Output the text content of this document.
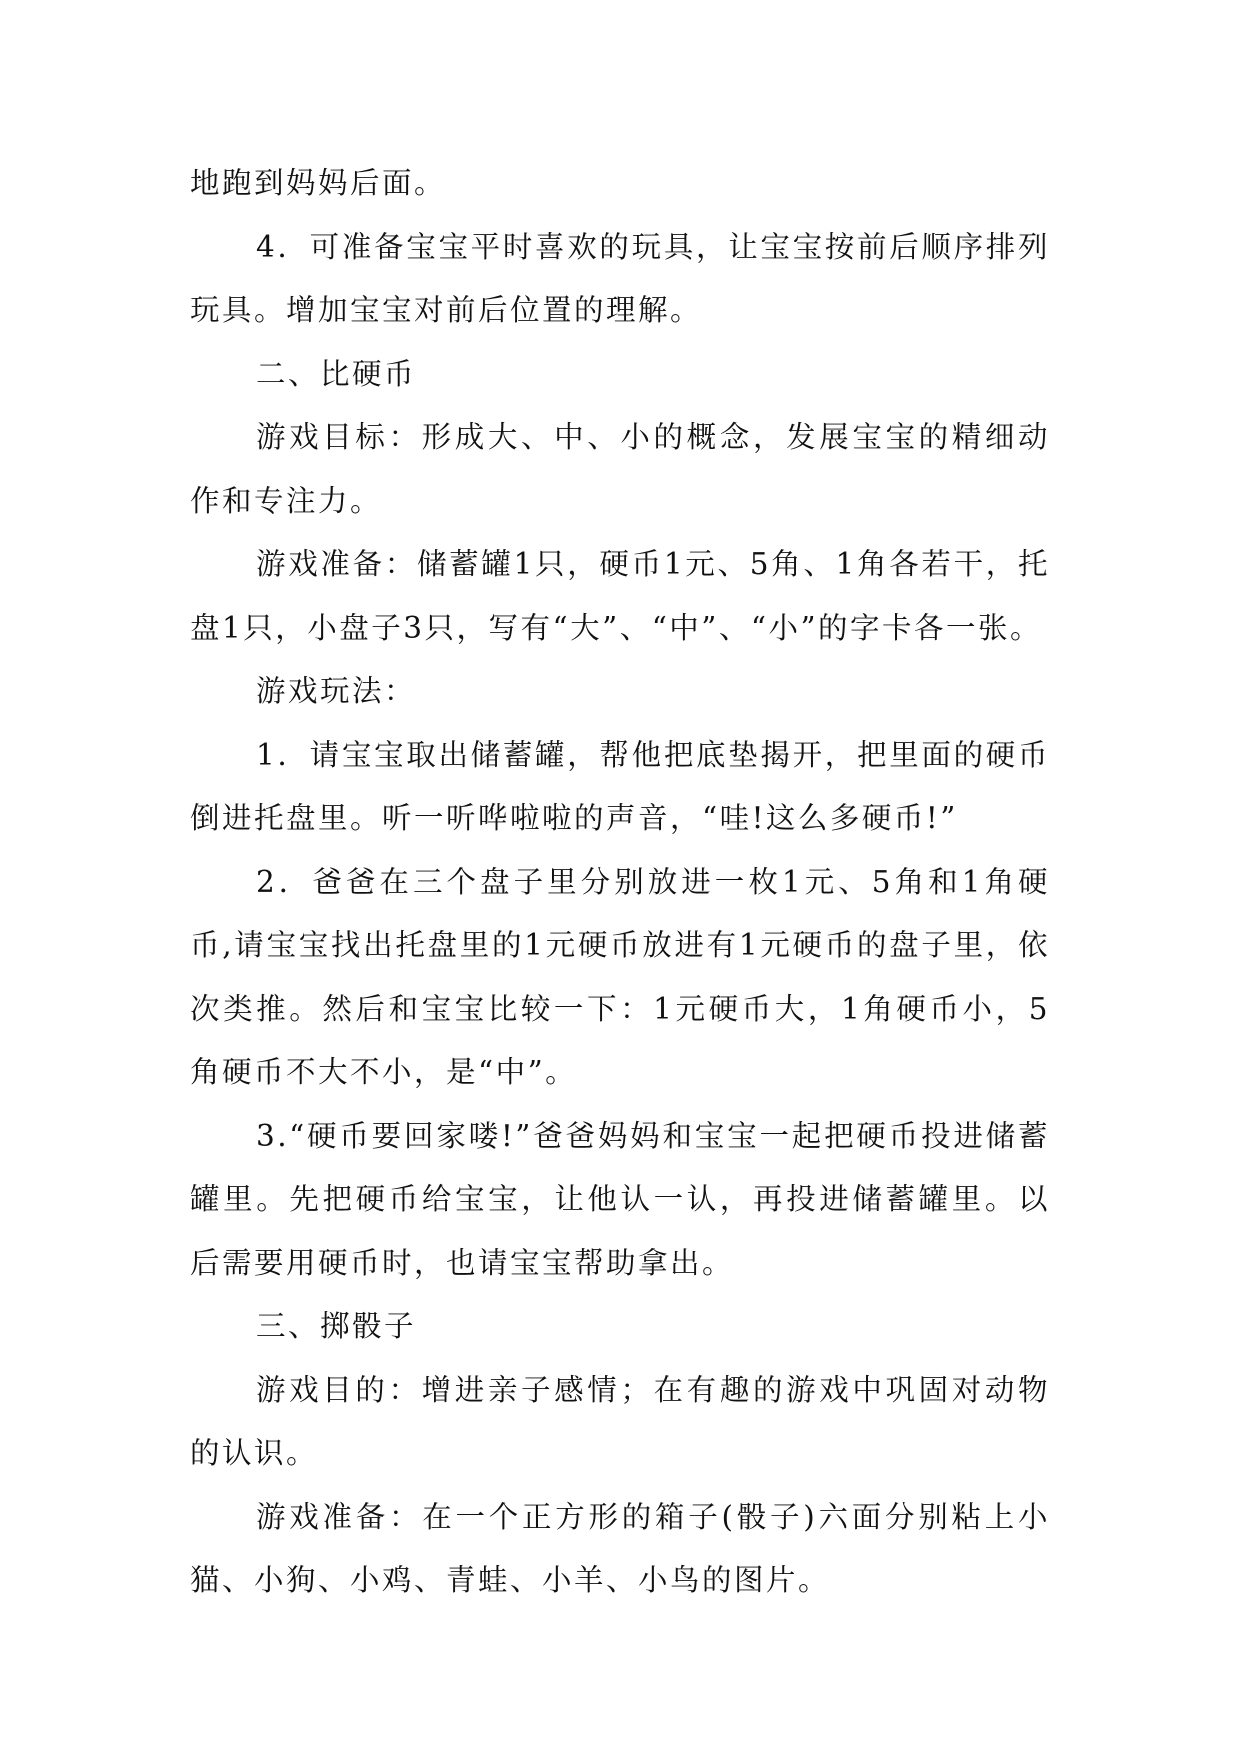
地跑到妈妈后面。

4．可准备宝宝平时喜欢的玩具，让宝宝按前后顺序排列玩具。增加宝宝对前后位置的理解。

二、比硬币

游戏目标：形成大、中、小的概念，发展宝宝的精细动作和专注力。

游戏准备：储蓄罐1只，硬币1元、5角、1角各若干，托盘1只，小盘子3只，写有“大”、“中”、“小”的字卡各一张。

游戏玩法：

1．请宝宝取出储蓄罐，帮他把底垫揭开，把里面的硬币倒进托盘里。听一听哗啦啦的声音，“哇!这么多硬币!”

2．爸爸在三个盘子里分别放进一枚1元、5角和1角硬币,请宝宝找出托盘里的1元硬币放进有1元硬币的盘子里，依次类推。然后和宝宝比较一下：1元硬币大，1角硬币小，5角硬币不大不小，是“中”。

3.“硬币要回家喽!”爸爸妈妈和宝宝一起把硬币投进储蓄罐里。先把硬币给宝宝，让他认一认，再投进储蓄罐里。以后需要用硬币时，也请宝宝帮助拿出。

三、掷骰子

游戏目的：增进亲子感情；在有趣的游戏中巩固对动物的认识。

游戏准备：在一个正方形的箱子(骰子)六面分别粘上小猫、小狗、小鸡、青蛙、小羊、小鸟的图片。
